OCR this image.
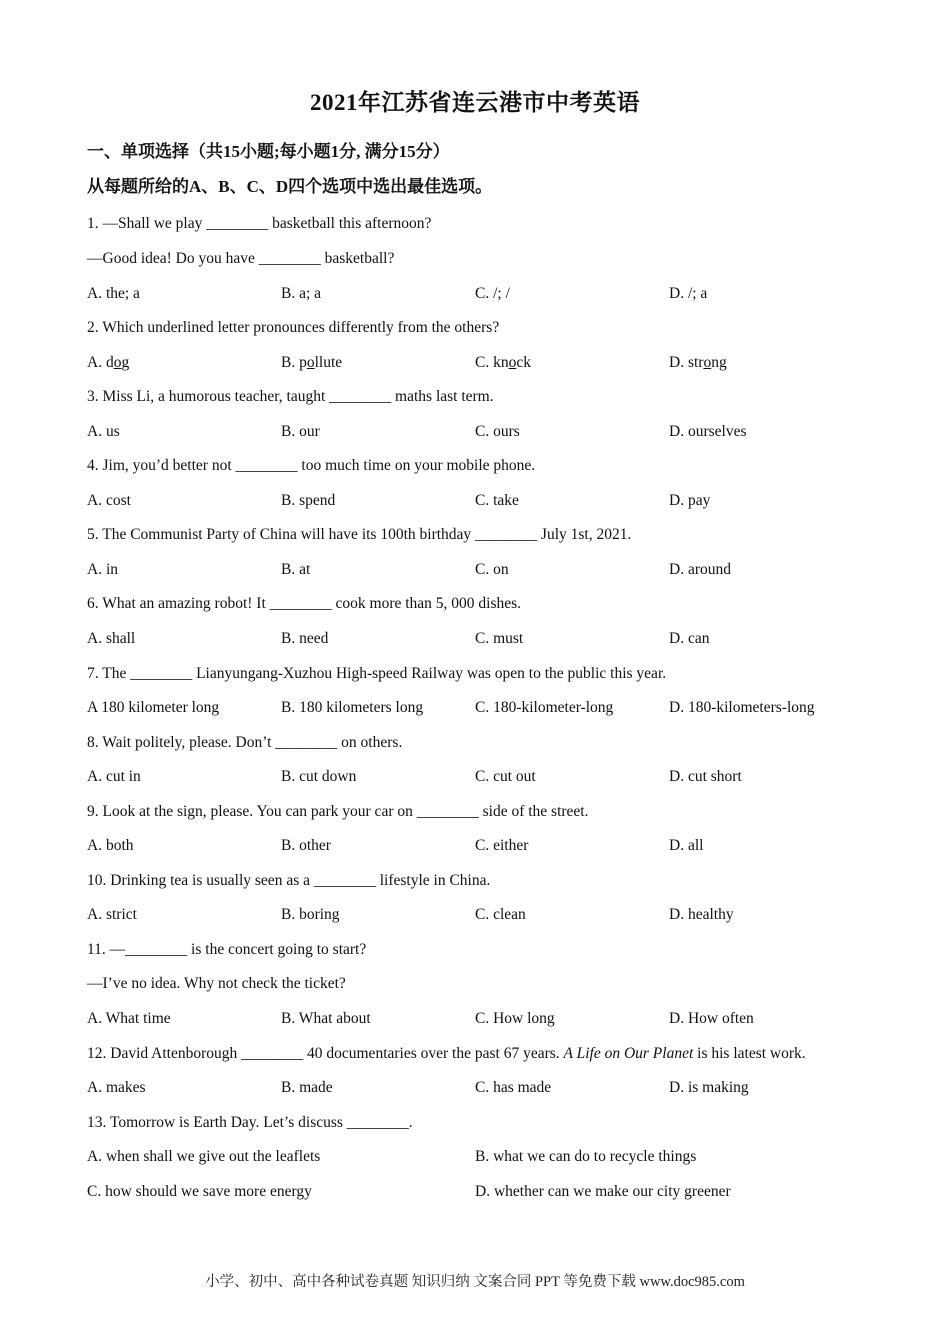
2021年江苏省连云港市中考英语
一、单项选择（共15小题;每小题1分, 满分15分）
从每题所给的A、B、C、D四个选项中选出最佳选项。
1. —Shall we play ________ basketball this afternoon?
—Good idea! Do you have ________ basketball?
A. the; a	B. a; a	C. /; /	D. /; a
2. Which underlined letter pronounces differently from the others?
A. dog	B. pollute	C. knock	D. strong
3. Miss Li, a humorous teacher, taught ________ maths last term.
A. us	B. our	C. ours	D. ourselves
4. Jim, you’d better not ________ too much time on your mobile phone.
A. cost	B. spend	C. take	D. pay
5. The Communist Party of China will have its 100th birthday ________ July 1st, 2021.
A. in	B. at	C. on	D. around
6. What an amazing robot! It ________ cook more than 5, 000 dishes.
A. shall	B. need	C. must	D. can
7. The ________ Lianyungang-Xuzhou High-speed Railway was open to the public this year.
A 180 kilometer long	B. 180 kilometers long	C. 180-kilometer-long	D. 180-kilometers-long
8. Wait politely, please. Don’t ________ on others.
A. cut in	B. cut down	C. cut out	D. cut short
9. Look at the sign, please. You can park your car on ________ side of the street.
A. both	B. other	C. either	D. all
10. Drinking tea is usually seen as a ________ lifestyle in China.
A. strict	B. boring	C. clean	D. healthy
11. —________ is the concert going to start?
—I’ve no idea. Why not check the ticket?
A. What time	B. What about	C. How long	D. How often
12. David Attenborough ________ 40 documentaries over the past 67 years. A Life on Our Planet is his latest work.
A. makes	B. made	C. has made	D. is making
13. Tomorrow is Earth Day. Let’s discuss ________.
A. when shall we give out the leaflets	B. what we can do to recycle things
C. how should we save more energy	D. whether can we make our city greener
小学、初中、高中各种试卷真题 知识归纳 文案合同 PPT 等免费下载 www.doc985.com
